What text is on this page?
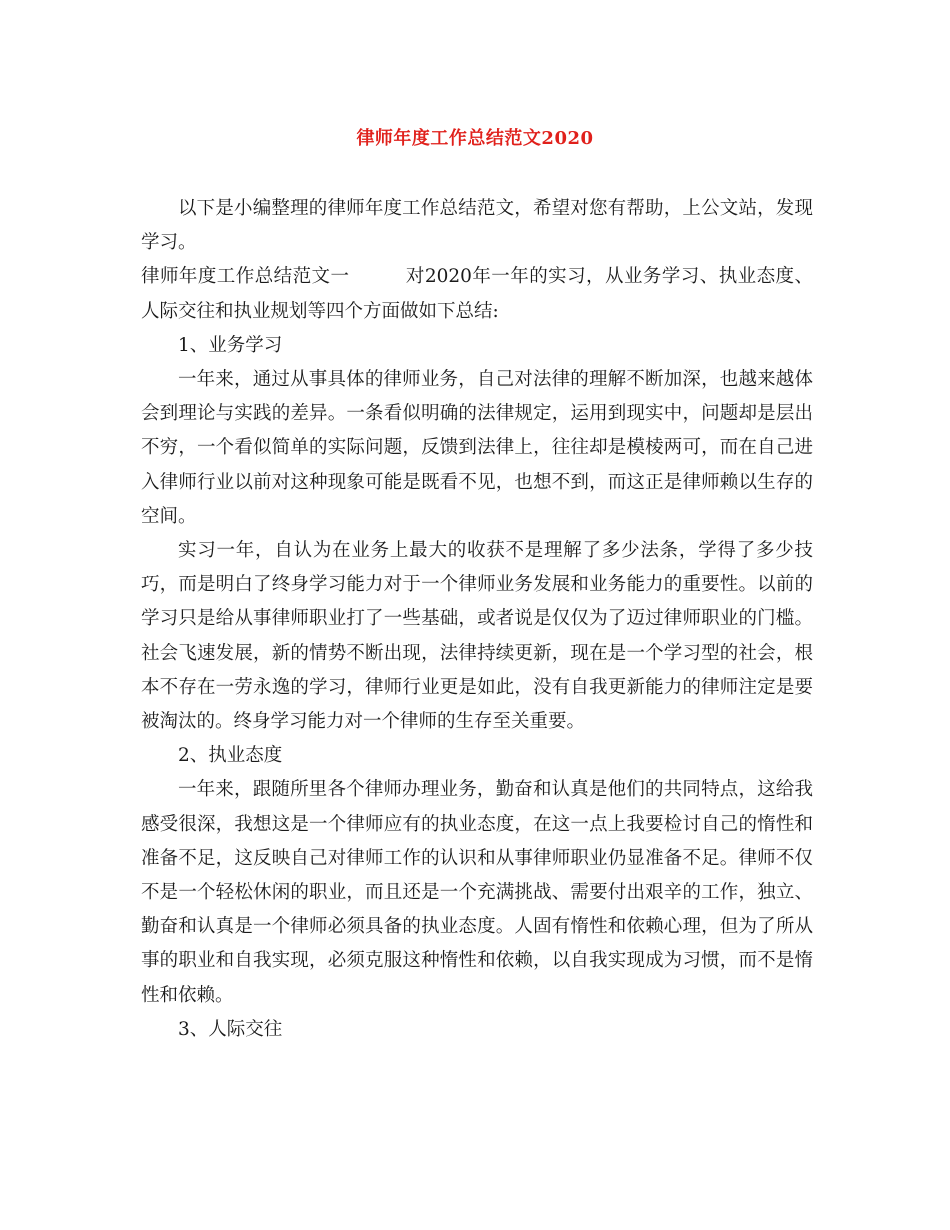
律师年度工作总结范文2020

以下是小编整理的律师年度工作总结范文，希望对您有帮助，上公文站，发现学习。

律师年度工作总结范文一	对2020年一年的实习，从业务学习、执业态度、人际交往和执业规划等四个方面做如下总结:

1、业务学习

一年来，通过从事具体的律师业务，自己对法律的理解不断加深，也越来越体会到理论与实践的差异。一条看似明确的法律规定，运用到现实中，问题却是层出不穷，一个看似简单的实际问题，反馈到法律上，往往却是模棱两可，而在自己进入律师行业以前对这种现象可能是既看不见，也想不到，而这正是律师赖以生存的空间。

实习一年，自认为在业务上最大的收获不是理解了多少法条，学得了多少技巧，而是明白了终身学习能力对于一个律师业务发展和业务能力的重要性。以前的学习只是给从事律师职业打了一些基础，或者说是仅仅为了迈过律师职业的门槛。社会飞速发展，新的情势不断出现，法律持续更新，现在是一个学习型的社会，根本不存在一劳永逸的学习，律师行业更是如此，没有自我更新能力的律师注定是要被淘汰的。终身学习能力对一个律师的生存至关重要。

2、执业态度

一年来，跟随所里各个律师办理业务，勤奋和认真是他们的共同特点，这给我感受很深，我想这是一个律师应有的执业态度，在这一点上我要检讨自己的惰性和准备不足，这反映自己对律师工作的认识和从事律师职业仍显准备不足。律师不仅不是一个轻松休闲的职业，而且还是一个充满挑战、需要付出艰辛的工作，独立、勤奋和认真是一个律师必须具备的执业态度。人固有惰性和依赖心理，但为了所从事的职业和自我实现，必须克服这种惰性和依赖，以自我实现成为习惯，而不是惰性和依赖。

3、人际交往
